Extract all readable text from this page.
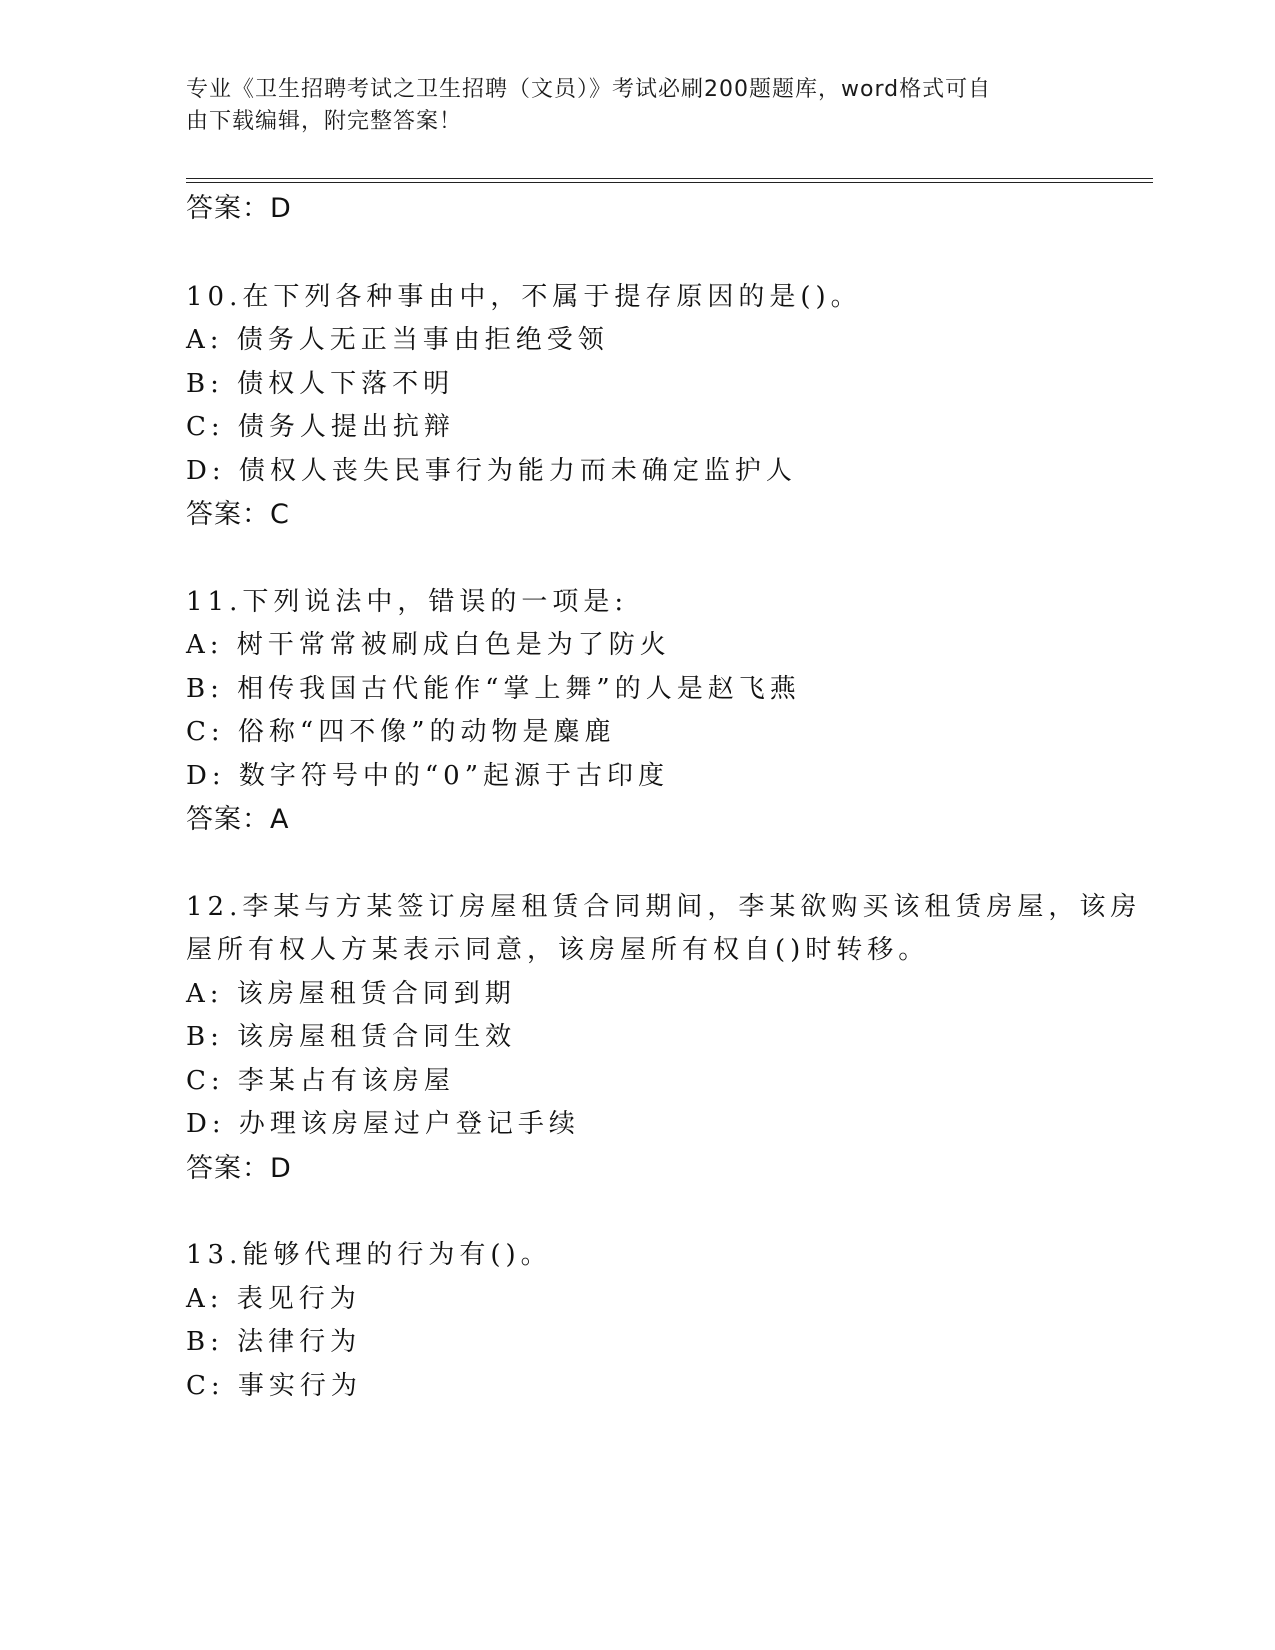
专业《卫生招聘考试之卫生招聘（文员）》考试必刷200题题库，word格式可自
由下载编辑，附完整答案！
答案：D
10.在下列各种事由中，不属于提存原因的是()。
A: 债务人无正当事由拒绝受领
B: 债权人下落不明
C: 债务人提出抗辩
D: 债权人丧失民事行为能力而未确定监护人
答案：C
11.下列说法中，错误的一项是:
A: 树干常常被刷成白色是为了防火
B: 相传我国古代能作“掌上舞”的人是赵飞燕
C: 俗称“四不像”的动物是麋鹿
D: 数字符号中的“0”起源于古印度
答案：A
12.李某与方某签订房屋租赁合同期间，李某欲购买该租赁房屋，该房
屋所有权人方某表示同意，该房屋所有权自()时转移。
A: 该房屋租赁合同到期
B: 该房屋租赁合同生效
C: 李某占有该房屋
D: 办理该房屋过户登记手续
答案：D
13.能够代理的行为有()。
A: 表见行为
B: 法律行为
C: 事实行为
